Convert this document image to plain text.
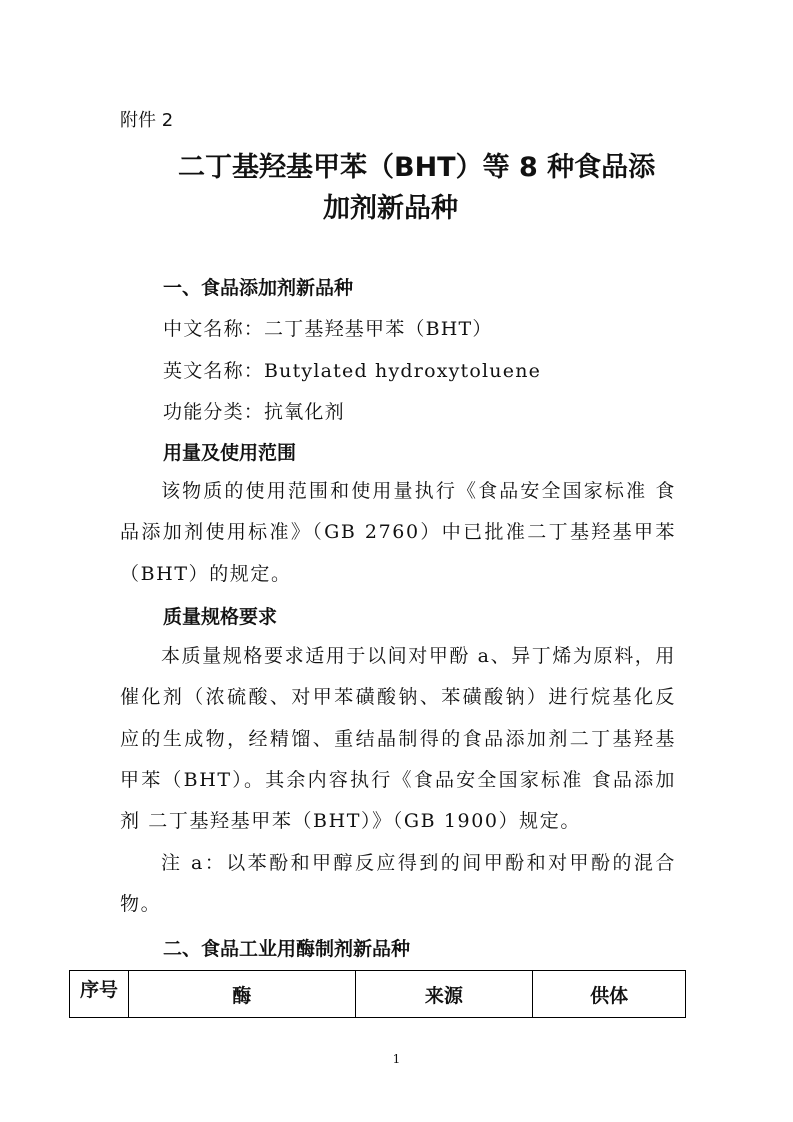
附件 2
二丁基羟基甲苯（BHT）等 8 种食品添
加剂新品种
一、食品添加剂新品种
中文名称：二丁基羟基甲苯（BHT）
英文名称：Butylated hydroxytoluene
功能分类：抗氧化剂
用量及使用范围
该物质的使用范围和使用量执行《食品安全国家标准 食品添加剂使用标准》（GB 2760）中已批准二丁基羟基甲苯（BHT）的规定。
质量规格要求
本质量规格要求适用于以间对甲酚 a、异丁烯为原料，用催化剂（浓硫酸、对甲苯磺酸钠、苯磺酸钠）进行烷基化反应的生成物，经精馏、重结晶制得的食品添加剂二丁基羟基甲苯（BHT）。其余内容执行《食品安全国家标准 食品添加剂 二丁基羟基甲苯（BHT）》（GB 1900）规定。
注 a：以苯酚和甲醇反应得到的间甲酚和对甲酚的混合物。
二、食品工业用酶制剂新品种
序号	酶	来源	供体
1
